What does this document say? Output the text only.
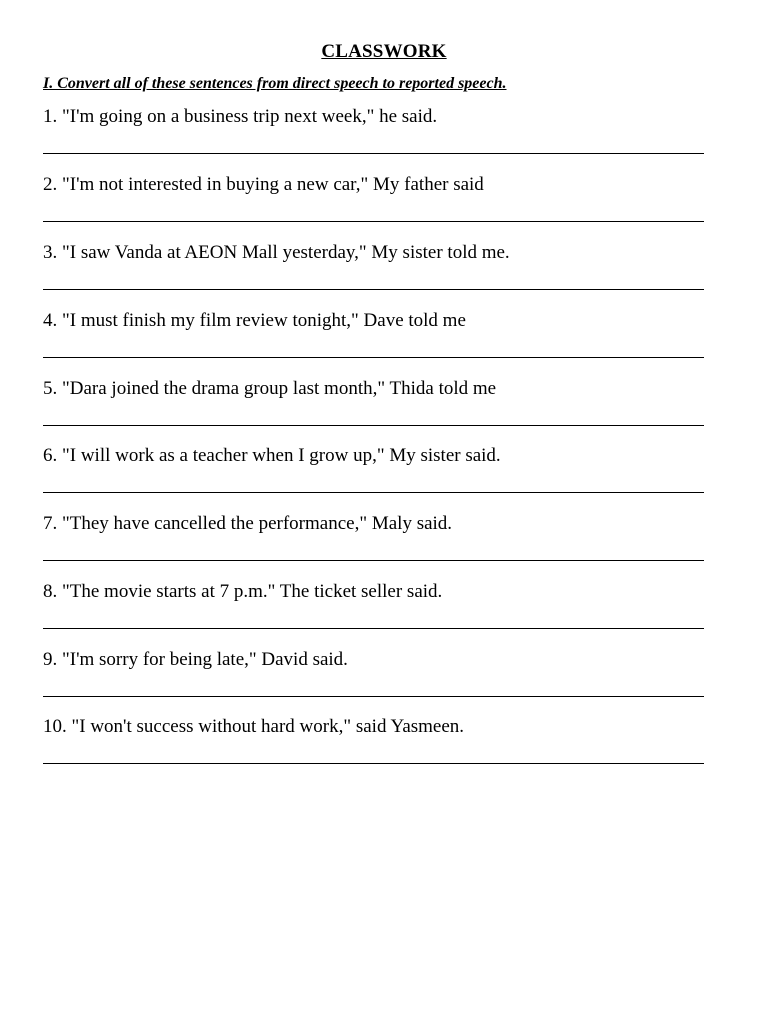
CLASSWORK
I. Convert all of these sentences from direct speech to reported speech.
1. "I'm going on a business trip next week," he said.
2. "I'm not interested in buying a new car," My father said
3. "I saw Vanda at AEON Mall yesterday," My sister told me.
4. "I must finish my film review tonight," Dave told me
5. "Dara joined the drama group last month," Thida told me
6. "I will work as a teacher when I grow up," My sister said.
7. "They have cancelled the performance," Maly said.
8. "The movie starts at 7 p.m." The ticket seller said.
9. "I'm sorry for being late," David said.
10. "I won't success without hard work," said Yasmeen.
